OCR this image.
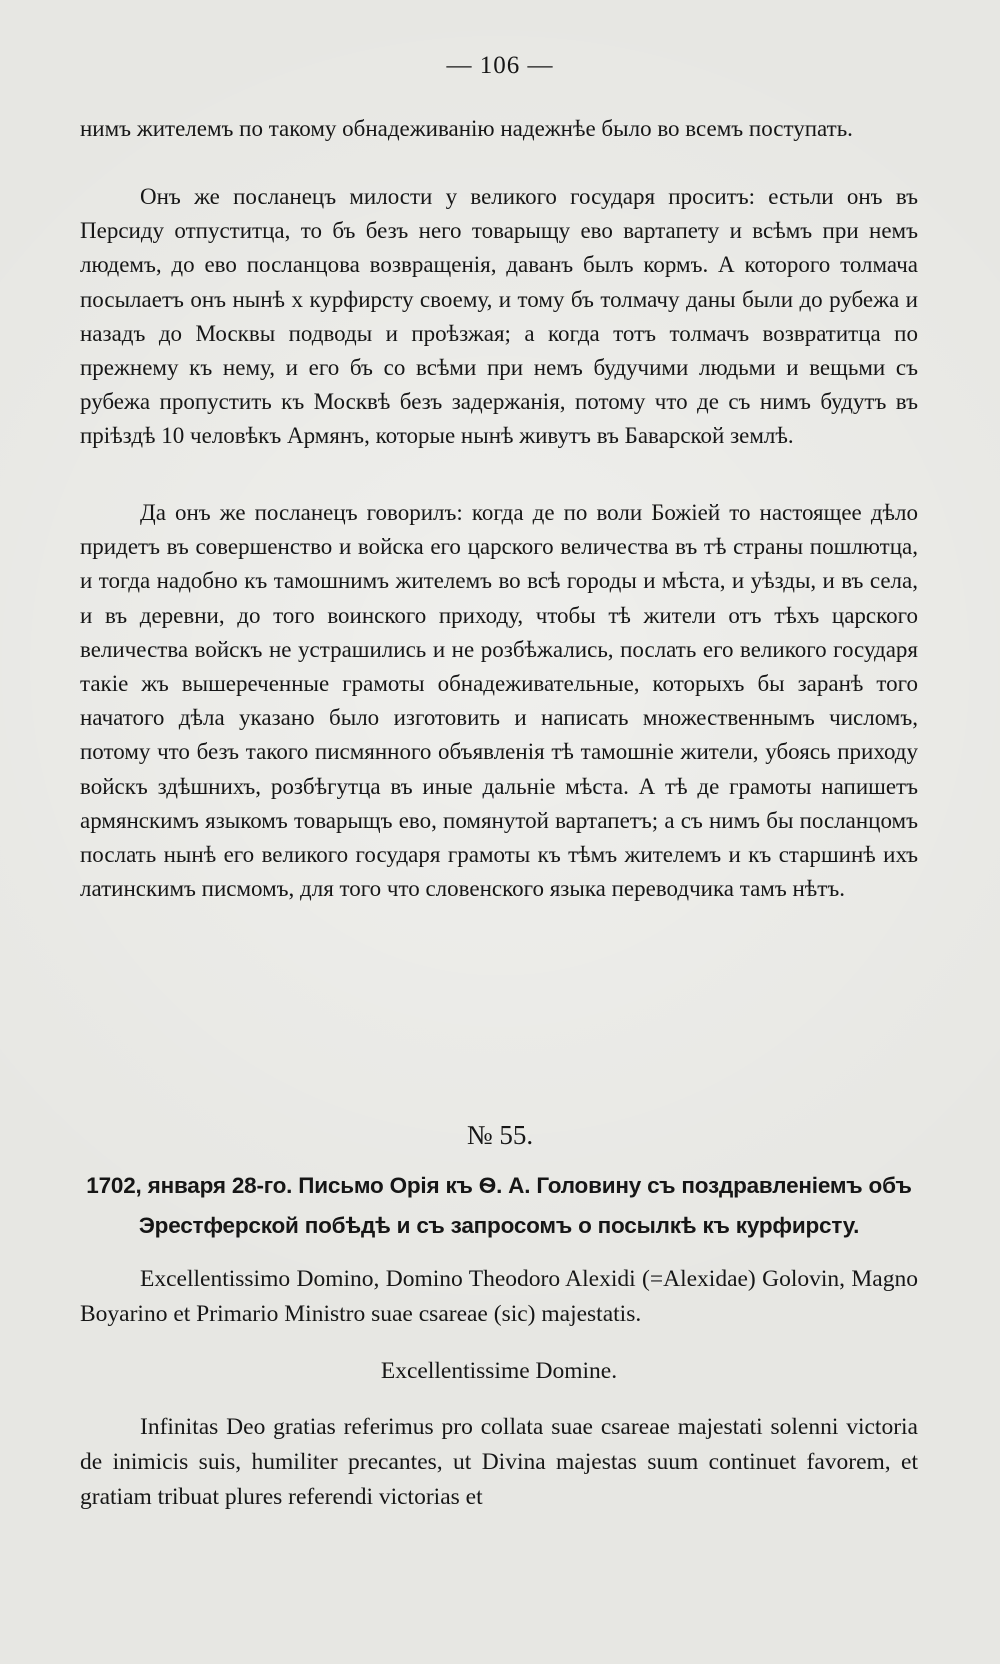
— 106 —

нимъ жителемъ по такому обнадеживанію надежнѣе было во всемъ поступать.

Онъ же посланецъ милости у великого государя проситъ: естьли онъ въ Персиду отпуститца, то бъ безъ него товарыщу ево вартапету и всѣмъ при немъ людемъ, до ево посланцова возвращенія, даванъ былъ кормъ. А которого толмача посылаетъ онъ нынѣ х курфирсту своему, и тому бъ толмачу даны были до рубежа и назадъ до Москвы подводы и проѣзжая; а когда тотъ толмачъ возвратитца по прежнему къ нему, и его бъ со всѣми при немъ будучими людьми и вещьми съ рубежа пропустить къ Москвѣ безъ задержанія, потому что де съ нимъ будутъ въ пріѣздѣ 10 человѣкъ Армянъ, которые нынѣ живутъ въ Баварской землѣ.

Да онъ же посланецъ говорилъ: когда де по воли Божіей то настоящее дѣло придетъ въ совершенство и войска его царского величества въ тѣ страны пошлютца, и тогда надобно къ тамошнимъ жителемъ во всѣ городы и мѣста, и уѣзды, и въ села, и въ деревни, до того воинского приходу, чтобы тѣ жители отъ тѣхъ царского величества войскъ не устрашились и не розбѣжались, послать его великого государя такіе жъ вышереченные грамоты обнадеживательные, которыхъ бы заранѣ того начатого дѣла указано было изготовить и написать множественнымъ числомъ, потому что безъ такого писмянного объявленія тѣ тамошніе жители, убоясь приходу войскъ здѣшнихъ, розбѣгутца въ иные дальніе мѣста. А тѣ де грамоты напишетъ армянскимъ языкомъ товарыщъ ево, помянутой вартапетъ; а съ нимъ бы посланцомъ послать нынѣ его великого государя грамоты къ тѣмъ жителемъ и къ старшинѣ ихъ латинскимъ писмомъ, для того что словенского языка переводчика тамъ нѣтъ.

№ 55.

1702, января 28-го. Письмо Орія къ Ѳ. А. Головину съ поздравленіемъ объ Эрестферской побѣдѣ и съ запросомъ о посылкѣ къ курфирсту.

Excellentissimo Domino, Domino Theodoro Alexidi (=Alexidae) Golovin, Magno Boyarino et Primario Ministro suae csareae (sic) majestatis.

Excellentissime Domine.

Infinitas Deo gratias referimus pro collata suae csareae majestati solenni victoria de inimicis suis, humiliter precantes, ut Divina majestas suum continuet favorem, et gratiam tribuat plures referendi victorias et
